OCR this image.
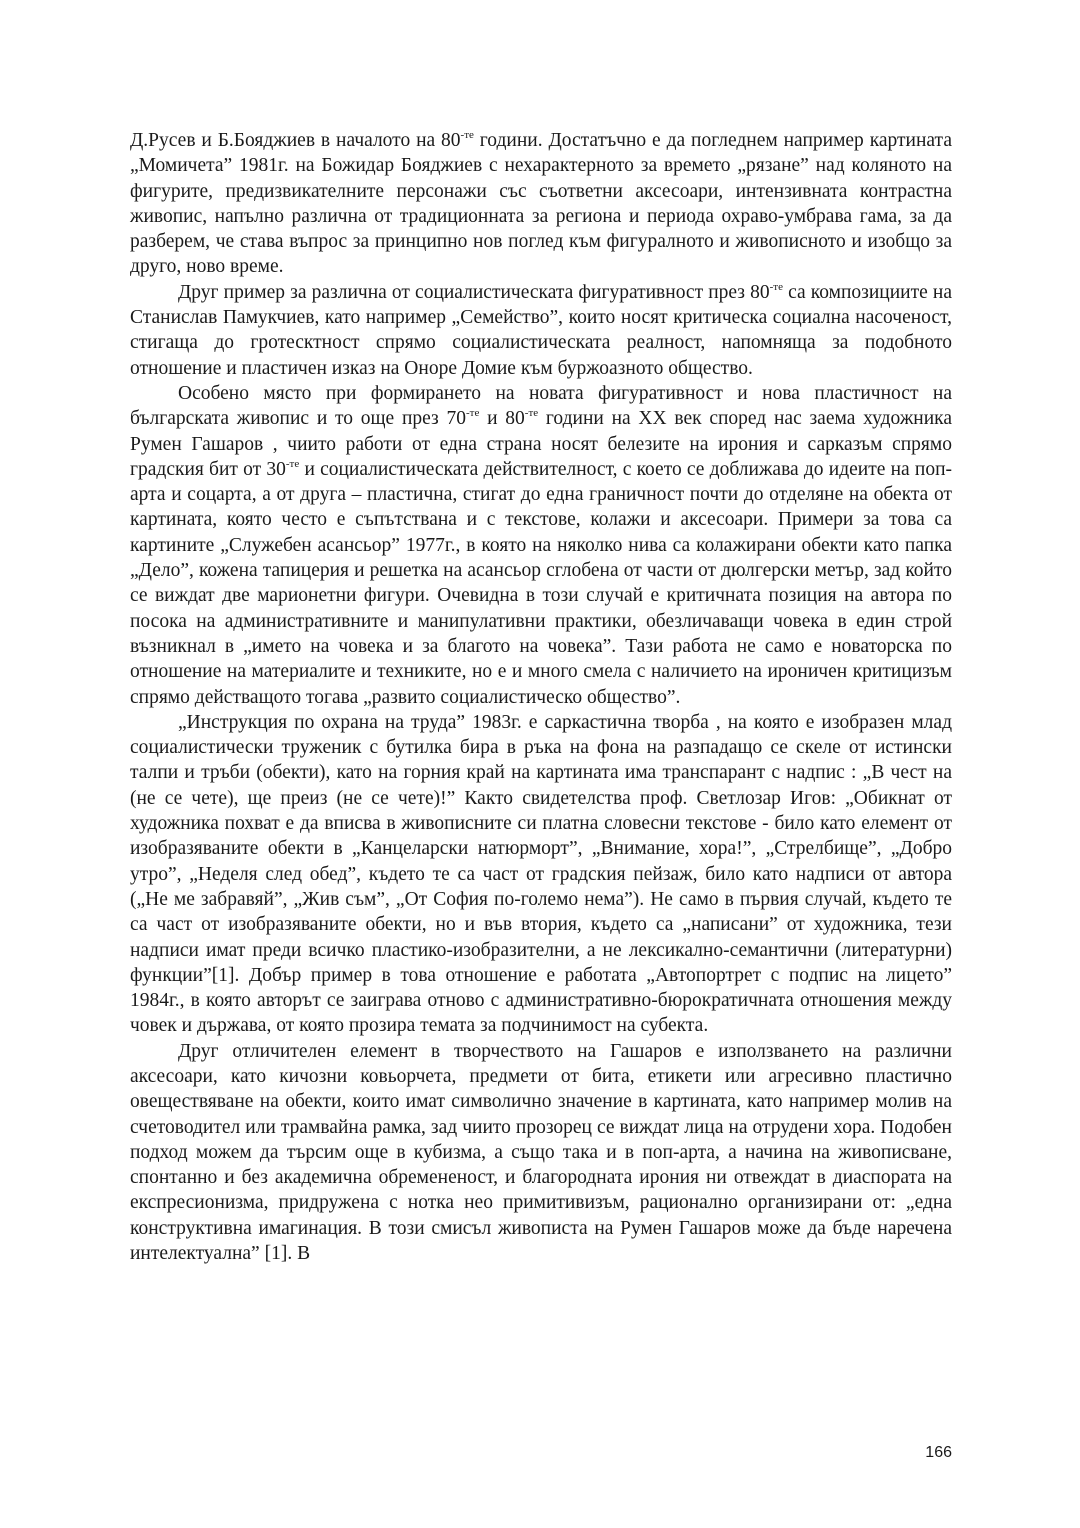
Д.Русев и Б.Бояджиев в началото на $80^{-те}$ години. Достатъчно е да погледнем например картината „Момичета” 1981г. на Божидар Бояджиев с нехарактерното за времето „рязане” над коляното на фигурите, предизвикателните персонажи със съответни аксесоари, интензивната контрастна живопис, напълно различна от традиционната за региона и периода охраво-умбрава гама, за да разберем, че става въпрос за принципно нов поглед към фигуралното и живописното и изобщо за друго, ново време.

Друг пример за различна от социалистическата фигуративност през $80^{-те}$ са композициите на Станислав Памукчиев, като например „Семейство”, които носят критическа социална насоченост, стигаща до гротесктност спрямо социалистическата реалност, напомняща за подобното отношение и пластичен изказ на Оноре Домие към буржоазното общество.

Особено място при формирането на новата фигуративност и нова пластичност на българската живопис и то още през $70^{-те}$ и $80^{-те}$ години на XX век според нас заема художника Румен Гашаров , чиито работи от една страна носят белезите на ирония и сарказъм спрямо градския бит от $30^{-те}$ и социалистическата действителност, с което се доближава до идеите на поп-арта и соцарта, а от друга – пластична, стигат до една граничност почти до отделяне на обекта от картината, която често е съпътствана и с текстове, колажи и аксесоари. Примери за това са картините „Служебен асансьор” 1977г., в която на няколко нива са колажирани обекти като папка „Дело”, кожена тапицерия и решетка на асансьор сглобена от части от дюлгерски метър, зад който се виждат две марионетни фигури. Очевидна в този случай е критичната позиция на автора по посока на административните и манипулативни практики, обезличаващи човека в един строй възникнал в „името на човека и за благото на човека”. Тази работа не само е новаторска по отношение на материалите и техниките, но е и много смела с наличието на ироничен критицизъм спрямо действащото тогава „развито социалистическо общество”.

„Инструкция по охрана на труда” 1983г. е саркастична творба , на която е изобразен млад социалистически труженик с бутилка бира в ръка на фона на разпадащо се скеле от истински талпи и тръби (обекти), като на горния край на картината има транспарант с надпис : „В чест на (не се чете), ще преиз (не се чете)!” Както свидетелства проф. Светлозар Игов: „Обикнат от художника похват е да вписва в живописните си платна словесни текстове - било като елемент от изобразяваните обекти в „Канцеларски натюрморт”, „Внимание, хора!”, „Стрелбище”, „Добро утро”, „Неделя след обед”, където те са част от градския пейзаж, било като надписи от автора („Не ме забравяй”, „Жив съм”, „От София по-големо нема”). Не само в първия случай, където те са част от изобразяваните обекти, но и във втория, където са „написани” от художника, тези надписи имат преди всичко пластико-изобразителни, а не лексикално-семантични (литературни) функции”[1]. Добър пример в това отношение е работата „Автопортрет с подпис на лицето” 1984г., в която авторът се заиграва отново с административно-бюрократичната отношения между човек и държава, от която прозира темата за подчинимост на субекта.

Друг отличителен елемент в творчеството на Гашаров е използването на различни аксесоари, като кичозни ковьорчета, предмети от бита, етикети или агресивно пластично овеществяване на обекти, които имат символично значение в картината, като например молив на счетоводител или трамвайна рамка, зад чиито прозорец се виждат лица на отрудени хора. Подобен подход можем да търсим още в кубизма, а също така и в поп-арта, а начина на живописване, спонтанно и без академична обремененост, и благородната ирония ни отвеждат в диаспората на експресионизма, придружена с нотка нео примитивизъм, рационално организирани от: „една конструктивна имагинация. В този смисъл живописта на Румен Гашаров може да бъде наречена интелектуална” [1]. В

166
